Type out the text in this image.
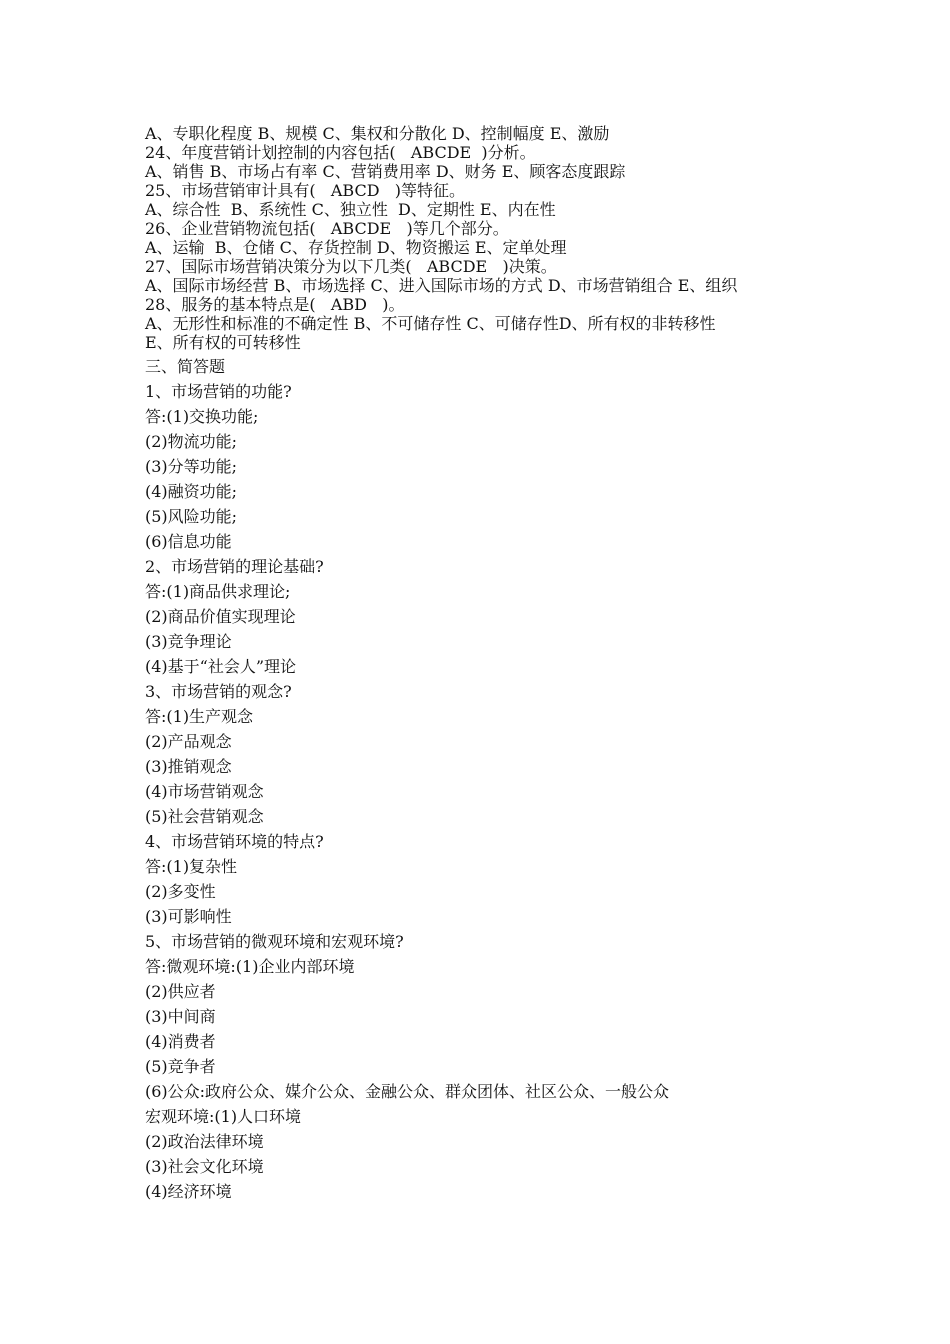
A、专职化程度 B、规模 C、集权和分散化 D、控制幅度 E、激励
24、年度营销计划控制的内容包括(   ABCDE  )分析。
A、销售 B、市场占有率 C、营销费用率 D、财务 E、顾客态度跟踪
25、市场营销审计具有(   ABCD   )等特征。
A、综合性  B、系统性 C、独立性  D、定期性 E、内在性
26、企业营销物流包括(   ABCDE   )等几个部分。
A、运输  B、仓储 C、存货控制 D、物资搬运 E、定单处理
27、国际市场营销决策分为以下几类(   ABCDE   )决策。
A、国际市场经营 B、市场选择 C、进入国际市场的方式 D、市场营销组合 E、组织
28、服务的基本特点是(   ABD   )。
A、无形性和标准的不确定性 B、不可储存性 C、可储存性D、所有权的非转移性
E、所有权的可转移性
三、简答题
1、市场营销的功能?
答:(1)交换功能;
(2)物流功能;
(3)分等功能;
(4)融资功能;
(5)风险功能;
(6)信息功能
2、市场营销的理论基础?
答:(1)商品供求理论;
(2)商品价值实现理论
(3)竞争理论
(4)基于“社会人”理论
3、市场营销的观念?
答:(1)生产观念
(2)产品观念
(3)推销观念
(4)市场营销观念
(5)社会营销观念
4、市场营销环境的特点?
答:(1)复杂性
(2)多变性
(3)可影响性
5、市场营销的微观环境和宏观环境?
答:微观环境:(1)企业内部环境
(2)供应者
(3)中间商
(4)消费者
(5)竞争者
(6)公众:政府公众、媒介公众、金融公众、群众团体、社区公众、一般公众
宏观环境:(1)人口环境
(2)政治法律环境
(3)社会文化环境
(4)经济环境
